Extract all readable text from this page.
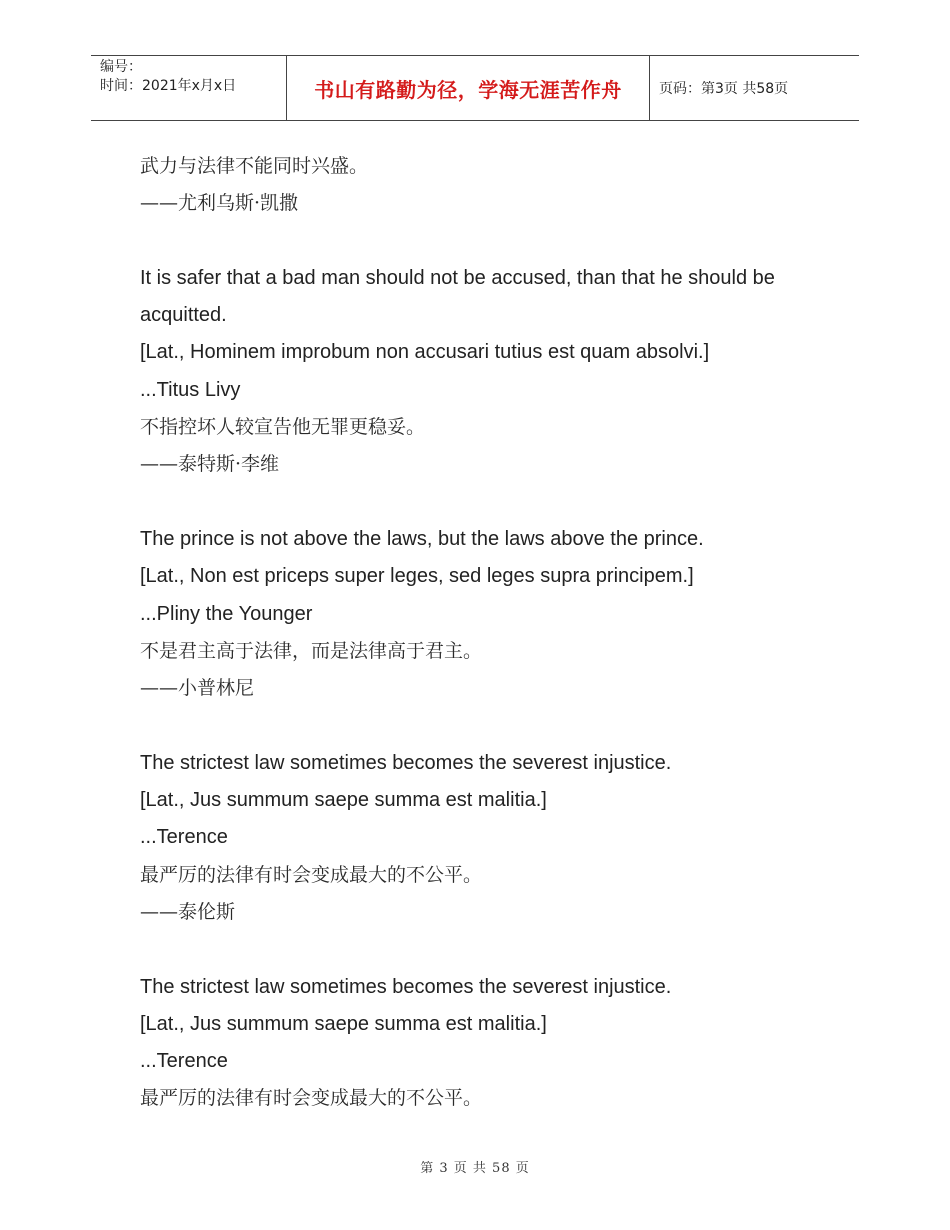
编号：
时间：2021年x月x日	书山有路勤为径，学海无涯苦作舟	页码：第3页 共58页
武力与法律不能同时兴盛。
——尤利乌斯·凯撒
It is safer that a bad man should not be accused, than that he should be
acquitted.
[Lat., Hominem improbum non accusari tutius est quam absolvi.]
...Titus Livy
不指控坏人较宣告他无罪更稳妥。
——泰特斯·李维
The prince is not above the laws, but the laws above the prince.
[Lat., Non est priceps super leges, sed leges supra principem.]
...Pliny the Younger
不是君主高于法律，而是法律高于君主。
——小普林尼
The strictest law sometimes becomes the severest injustice.
[Lat., Jus summum saepe summa est malitia.]
...Terence
最严厉的法律有时会变成最大的不公平。
——泰伦斯
The strictest law sometimes becomes the severest injustice.
[Lat., Jus summum saepe summa est malitia.]
...Terence
最严厉的法律有时会变成最大的不公平。
第 3 页 共 58 页
